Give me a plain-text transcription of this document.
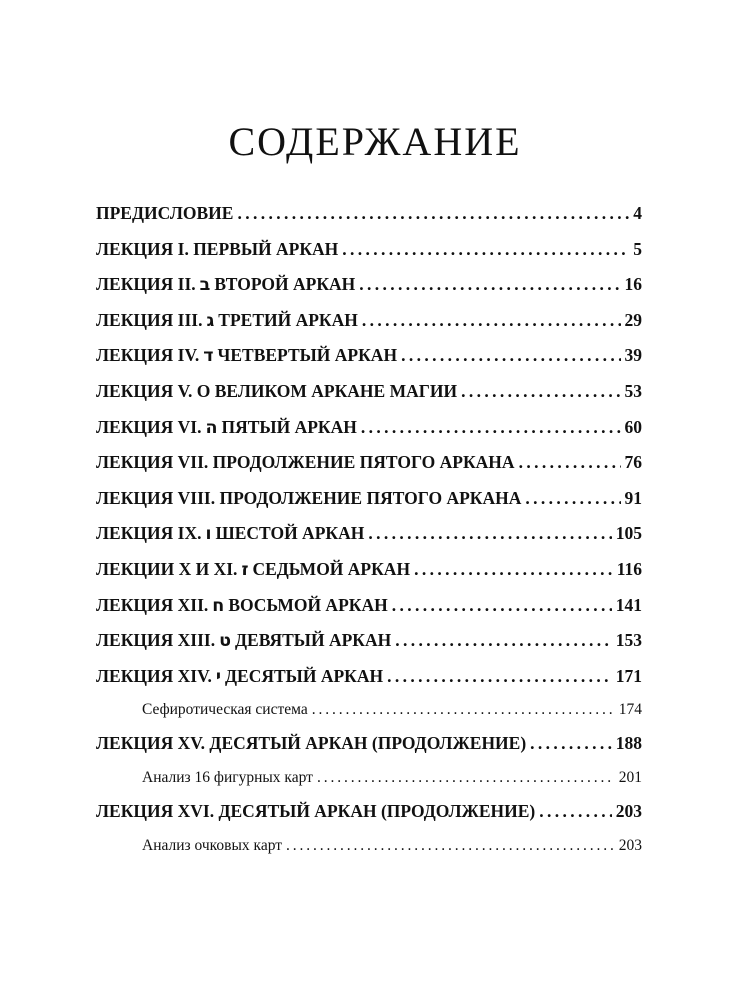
СОДЕРЖАНИЕ
ПРЕДИСЛОВИЕ . . .	4
ЛЕКЦИЯ I. ПЕРВЫЙ АРКАН . . .	5
ЛЕКЦИЯ II. ב ВТОРОЙ АРКАН . . .	16
ЛЕКЦИЯ III. ג ТРЕТИЙ АРКАН . . .	29
ЛЕКЦИЯ IV. ד ЧЕТВЕРТЫЙ АРКАН . . .	39
ЛЕКЦИЯ V. О ВЕЛИКОМ АРКАНЕ МАГИИ . . .	53
ЛЕКЦИЯ VI. ה ПЯТЫЙ АРКАН . . .	60
ЛЕКЦИЯ VII. ПРОДОЛЖЕНИЕ ПЯТОГО АРКАНА . . .	76
ЛЕКЦИЯ VIII. ПРОДОЛЖЕНИЕ ПЯТОГО АРКАНА . . .	91
ЛЕКЦИЯ IX. ו ШЕСТОЙ АРКАН . . .	105
ЛЕКЦИИ X И XI. ז СЕДЬМОЙ АРКАН . . .	116
ЛЕКЦИЯ XII. ח ВОСЬМОЙ АРКАН . . .	141
ЛЕКЦИЯ XIII. ט ДЕВЯТЫЙ АРКАН . . .	153
ЛЕКЦИЯ XIV. י ДЕСЯТЫЙ АРКАН . . .	171
Сефиротическая система . . .	174
ЛЕКЦИЯ XV. ДЕСЯТЫЙ АРКАН (ПРОДОЛЖЕНИЕ) . . .	188
Анализ 16 фигурных карт . . .	201
ЛЕКЦИЯ XVI. ДЕСЯТЫЙ АРКАН (ПРОДОЛЖЕНИЕ) . . .	203
Анализ очковых карт . . .	203
